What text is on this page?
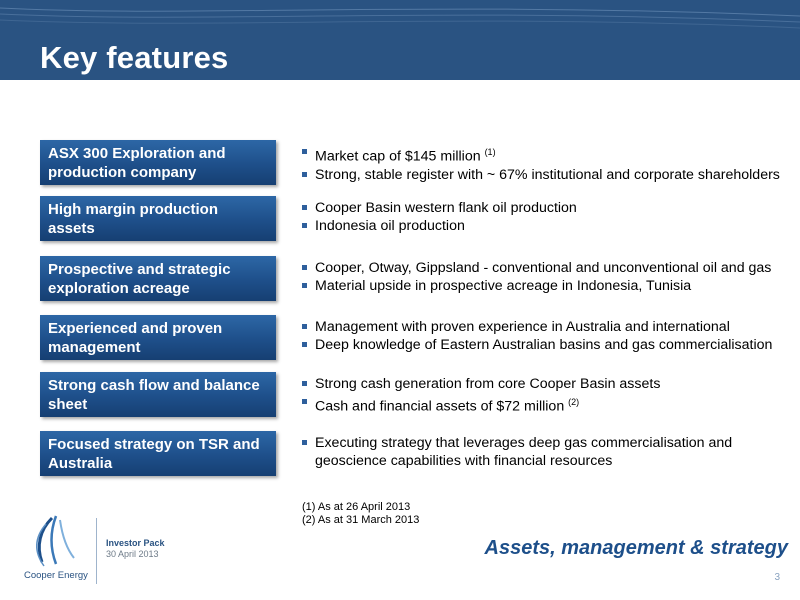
Key features
ASX 300 Exploration and production company
Market cap of $145 million $^{(1)}$
Strong, stable register with ~ 67% institutional and corporate shareholders
High margin production assets
Cooper Basin western flank oil production
Indonesia oil production
Prospective and strategic exploration acreage
Cooper, Otway, Gippsland - conventional and unconventional oil and gas
Material upside in prospective acreage in Indonesia, Tunisia
Experienced and proven management
Management with proven experience in Australia and international
Deep knowledge of Eastern Australian basins and gas commercialisation
Strong cash flow and balance sheet
Strong cash generation from core Cooper Basin assets
Cash and financial assets of $72 million $^{(2)}$
Focused strategy on TSR and Australia
Executing strategy that leverages deep gas commercialisation and geoscience capabilities with financial resources
(1) As at 26 April 2013
(2) As at 31 March 2013
Cooper Energy
Investor Pack
30 April 2013	Assets, management & strategy
3
